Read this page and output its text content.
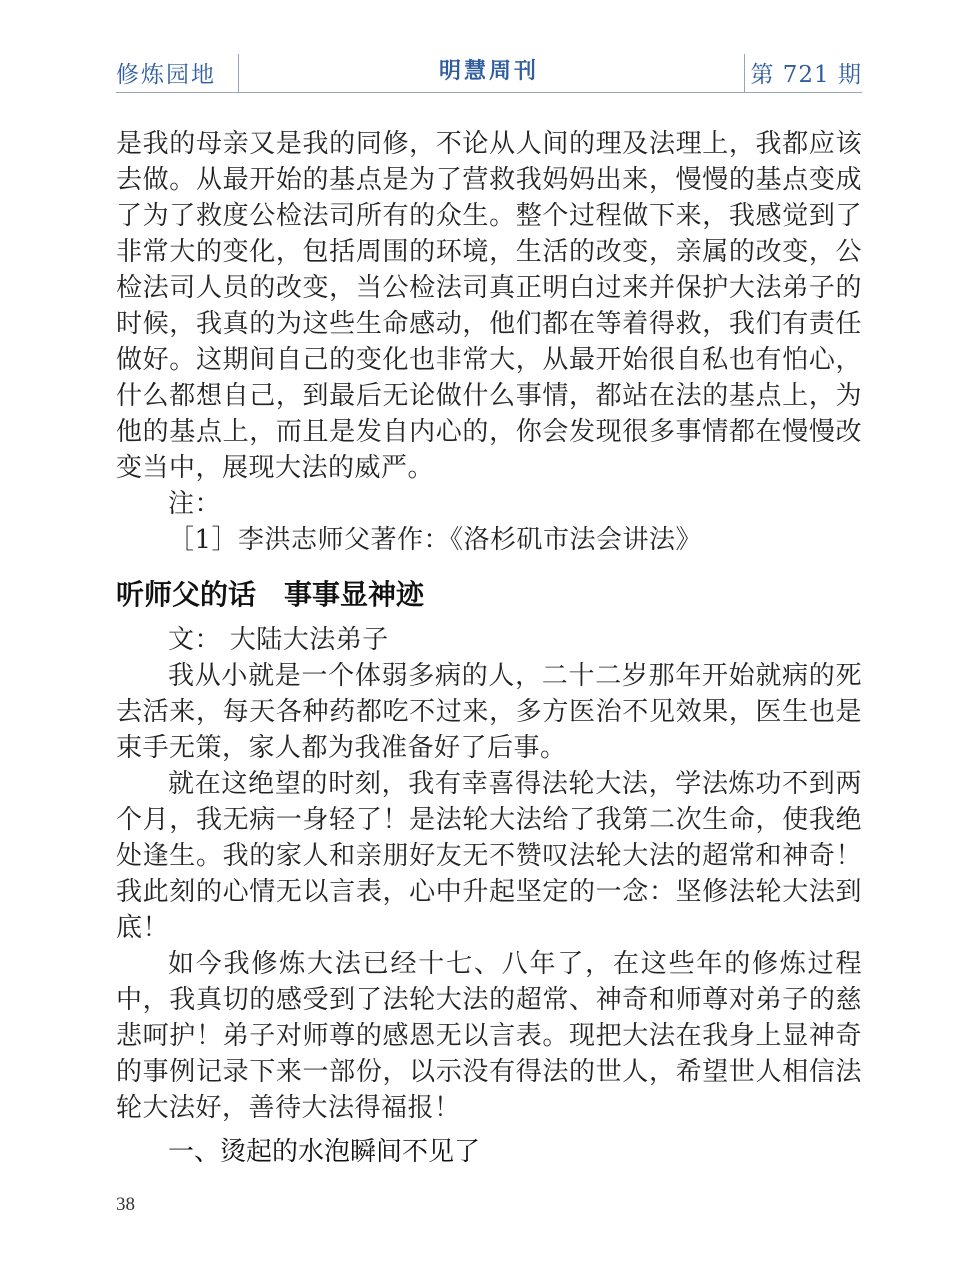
修炼园地	明慧周刊	第 721 期

是我的母亲又是我的同修，不论从人间的理及法理上，我都应该去做。从最开始的基点是为了营救我妈妈出来，慢慢的基点变成了为了救度公检法司所有的众生。整个过程做下来，我感觉到了非常大的变化，包括周围的环境，生活的改变，亲属的改变，公检法司人员的改变，当公检法司真正明白过来并保护大法弟子的时候，我真的为这些生命感动，他们都在等着得救，我们有责任做好。这期间自己的变化也非常大，从最开始很自私也有怕心，什么都想自己，到最后无论做什么事情，都站在法的基点上，为他的基点上，而且是发自内心的，你会发现很多事情都在慢慢改变当中，展现大法的威严。

注：

［1］李洪志师父著作：《洛杉矶市法会讲法》

听师父的话　事事显神迹

文： 大陆大法弟子

我从小就是一个体弱多病的人，二十二岁那年开始就病的死去活来，每天各种药都吃不过来，多方医治不见效果，医生也是束手无策，家人都为我准备好了后事。

就在这绝望的时刻，我有幸喜得法轮大法，学法炼功不到两个月，我无病一身轻了！是法轮大法给了我第二次生命，使我绝处逢生。我的家人和亲朋好友无不赞叹法轮大法的超常和神奇！我此刻的心情无以言表，心中升起坚定的一念：坚修法轮大法到底！

如今我修炼大法已经十七、八年了，在这些年的修炼过程中，我真切的感受到了法轮大法的超常、神奇和师尊对弟子的慈悲呵护！弟子对师尊的感恩无以言表。现把大法在我身上显神奇的事例记录下来一部份，以示没有得法的世人，希望世人相信法轮大法好，善待大法得福报！

一、烫起的水泡瞬间不见了

38
